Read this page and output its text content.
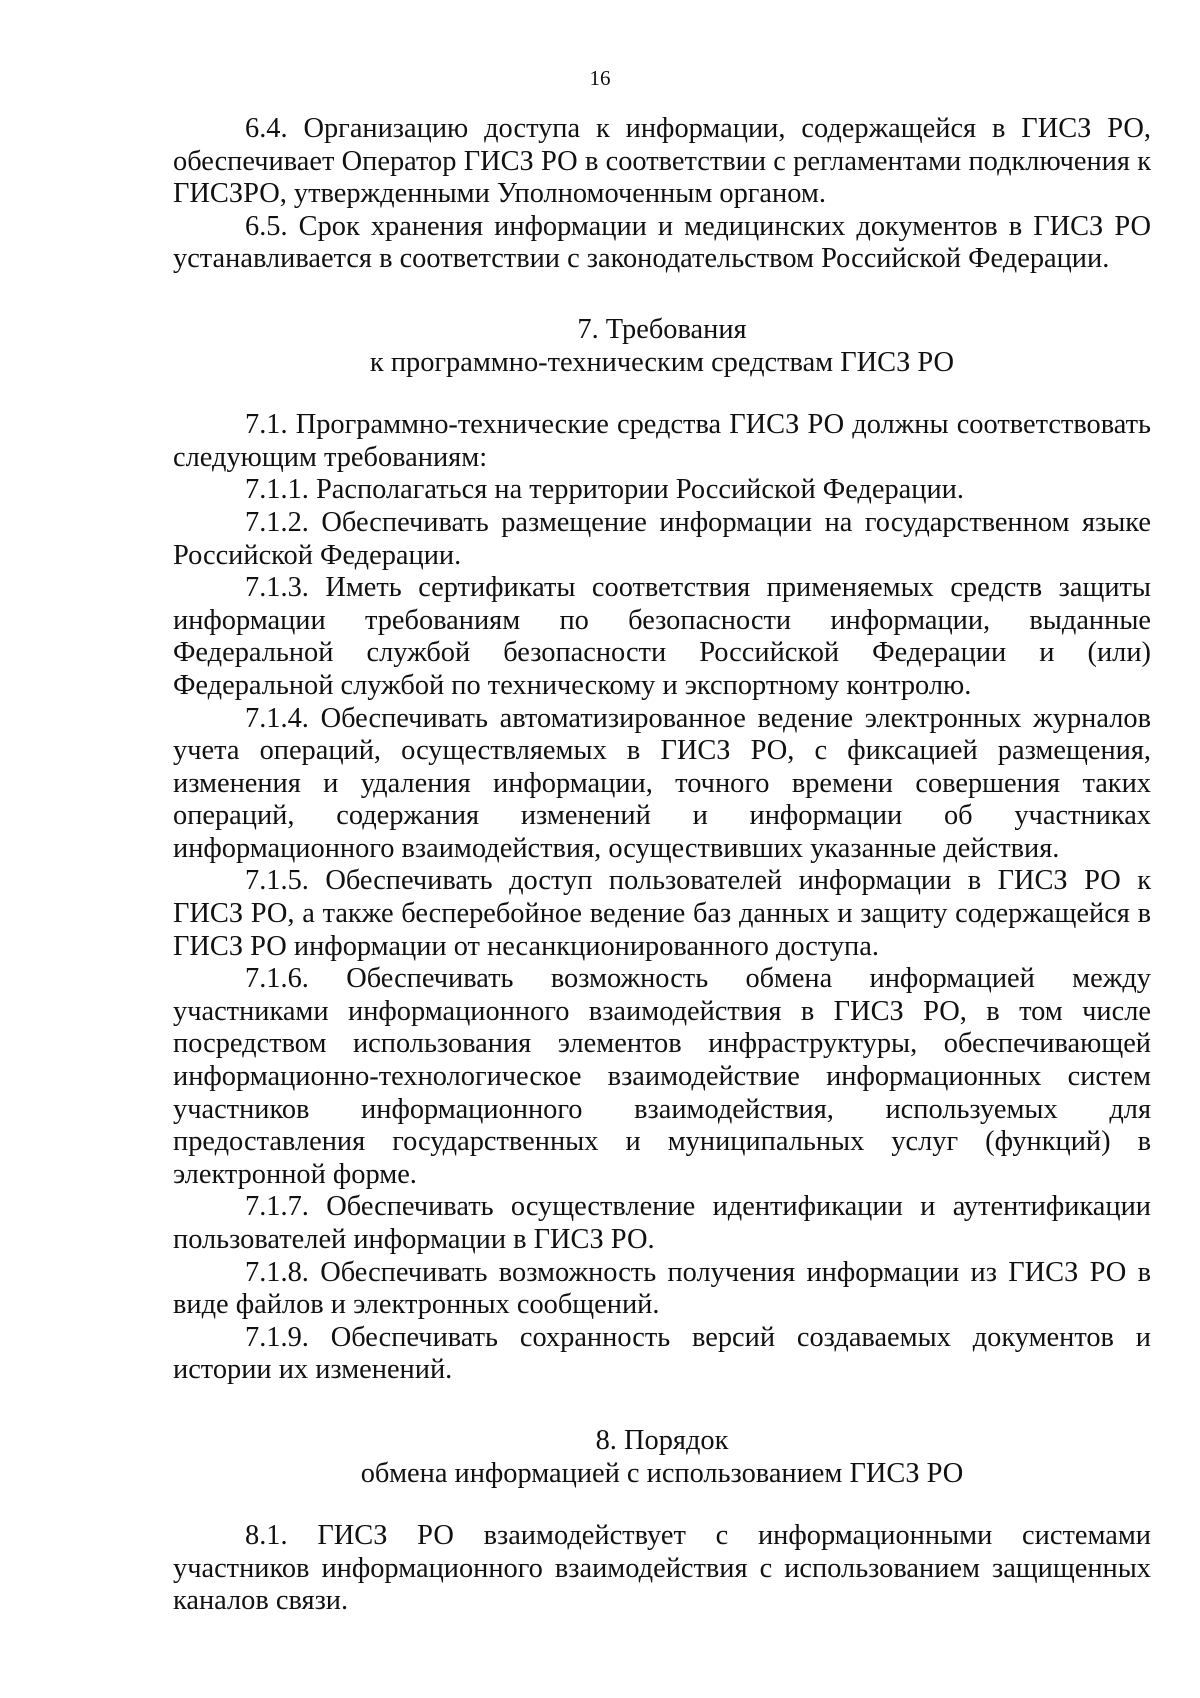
16

6.4. Организацию доступа к информации, содержащейся в ГИСЗ РО, обеспечивает Оператор ГИСЗ РО в соответствии с регламентами подключения к ГИСЗРО, утвержденными Уполномоченным органом.

6.5. Срок хранения информации и медицинских документов в ГИСЗ РО устанавливается в соответствии с законодательством Российской Федерации.

7. Требования
к программно-техническим средствам ГИСЗ РО

7.1. Программно-технические средства ГИСЗ РО должны соответствовать следующим требованиям:

7.1.1. Располагаться на территории Российской Федерации.

7.1.2. Обеспечивать размещение информации на государственном языке Российской Федерации.

7.1.3. Иметь сертификаты соответствия применяемых средств защиты информации требованиям по безопасности информации, выданные Федеральной службой безопасности Российской Федерации и (или) Федеральной службой по техническому и экспортному контролю.

7.1.4. Обеспечивать автоматизированное ведение электронных журналов учета операций, осуществляемых в ГИСЗ РО, с фиксацией размещения, изменения и удаления информации, точного времени совершения таких операций, содержания изменений и информации об участниках информационного взаимодействия, осуществивших указанные действия.

7.1.5. Обеспечивать доступ пользователей информации в ГИСЗ РО к ГИСЗ РО, а также бесперебойное ведение баз данных и защиту содержащейся в ГИСЗ РО информации от несанкционированного доступа.

7.1.6. Обеспечивать возможность обмена информацией между участниками информационного взаимодействия в ГИСЗ РО, в том числе посредством использования элементов инфраструктуры, обеспечивающей информационно-технологическое взаимодействие информационных систем участников информационного взаимодействия, используемых для предоставления государственных и муниципальных услуг (функций) в электронной форме.

7.1.7. Обеспечивать осуществление идентификации и аутентификации пользователей информации в ГИСЗ РО.

7.1.8. Обеспечивать возможность получения информации из ГИСЗ РО в виде файлов и электронных сообщений.

7.1.9. Обеспечивать сохранность версий создаваемых документов и истории их изменений.

8. Порядок
обмена информацией с использованием ГИСЗ РО

8.1. ГИСЗ РО взаимодействует с информационными системами участников информационного взаимодействия с использованием защищенных каналов связи.
